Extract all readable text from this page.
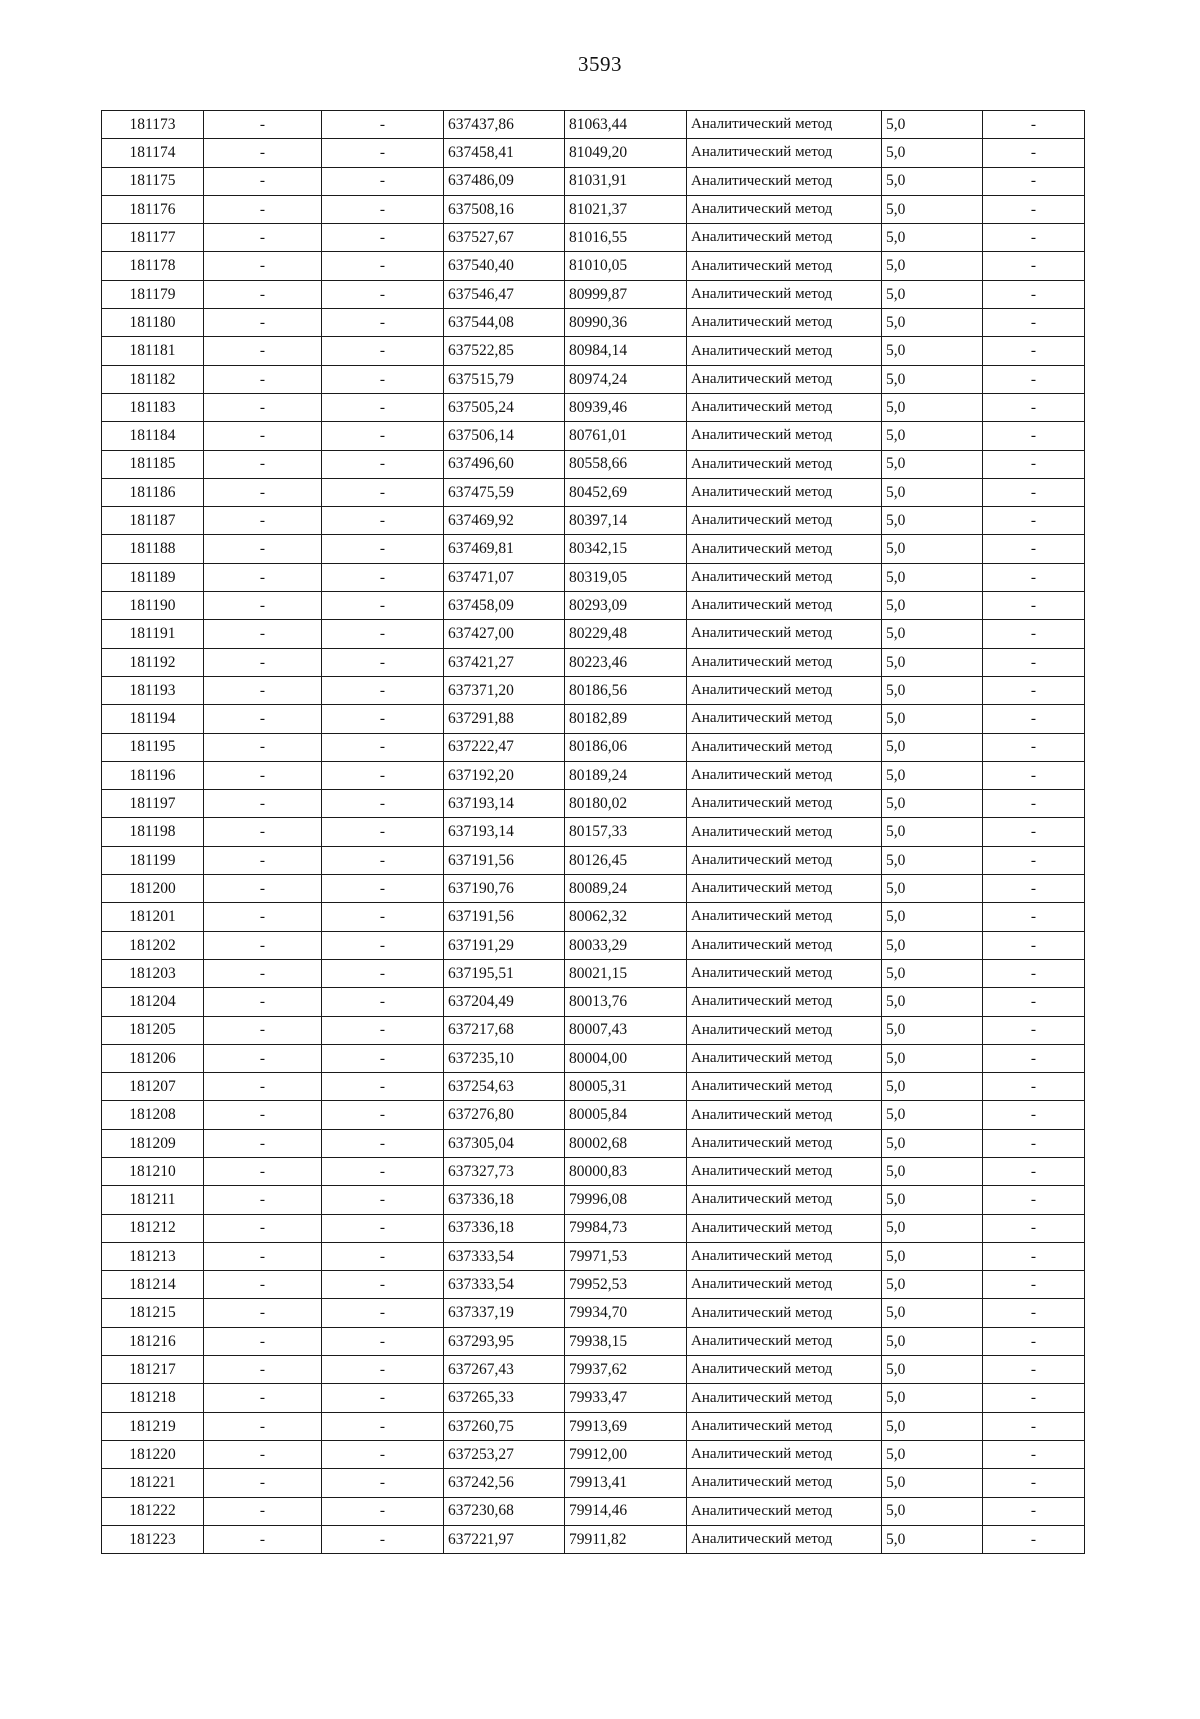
3593
181173	-	-	637437,86	81063,44	Аналитический метод	5,0	-
181174	-	-	637458,41	81049,20	Аналитический метод	5,0	-
181175	-	-	637486,09	81031,91	Аналитический метод	5,0	-
181176	-	-	637508,16	81021,37	Аналитический метод	5,0	-
181177	-	-	637527,67	81016,55	Аналитический метод	5,0	-
181178	-	-	637540,40	81010,05	Аналитический метод	5,0	-
181179	-	-	637546,47	80999,87	Аналитический метод	5,0	-
181180	-	-	637544,08	80990,36	Аналитический метод	5,0	-
181181	-	-	637522,85	80984,14	Аналитический метод	5,0	-
181182	-	-	637515,79	80974,24	Аналитический метод	5,0	-
181183	-	-	637505,24	80939,46	Аналитический метод	5,0	-
181184	-	-	637506,14	80761,01	Аналитический метод	5,0	-
181185	-	-	637496,60	80558,66	Аналитический метод	5,0	-
181186	-	-	637475,59	80452,69	Аналитический метод	5,0	-
181187	-	-	637469,92	80397,14	Аналитический метод	5,0	-
181188	-	-	637469,81	80342,15	Аналитический метод	5,0	-
181189	-	-	637471,07	80319,05	Аналитический метод	5,0	-
181190	-	-	637458,09	80293,09	Аналитический метод	5,0	-
181191	-	-	637427,00	80229,48	Аналитический метод	5,0	-
181192	-	-	637421,27	80223,46	Аналитический метод	5,0	-
181193	-	-	637371,20	80186,56	Аналитический метод	5,0	-
181194	-	-	637291,88	80182,89	Аналитический метод	5,0	-
181195	-	-	637222,47	80186,06	Аналитический метод	5,0	-
181196	-	-	637192,20	80189,24	Аналитический метод	5,0	-
181197	-	-	637193,14	80180,02	Аналитический метод	5,0	-
181198	-	-	637193,14	80157,33	Аналитический метод	5,0	-
181199	-	-	637191,56	80126,45	Аналитический метод	5,0	-
181200	-	-	637190,76	80089,24	Аналитический метод	5,0	-
181201	-	-	637191,56	80062,32	Аналитический метод	5,0	-
181202	-	-	637191,29	80033,29	Аналитический метод	5,0	-
181203	-	-	637195,51	80021,15	Аналитический метод	5,0	-
181204	-	-	637204,49	80013,76	Аналитический метод	5,0	-
181205	-	-	637217,68	80007,43	Аналитический метод	5,0	-
181206	-	-	637235,10	80004,00	Аналитический метод	5,0	-
181207	-	-	637254,63	80005,31	Аналитический метод	5,0	-
181208	-	-	637276,80	80005,84	Аналитический метод	5,0	-
181209	-	-	637305,04	80002,68	Аналитический метод	5,0	-
181210	-	-	637327,73	80000,83	Аналитический метод	5,0	-
181211	-	-	637336,18	79996,08	Аналитический метод	5,0	-
181212	-	-	637336,18	79984,73	Аналитический метод	5,0	-
181213	-	-	637333,54	79971,53	Аналитический метод	5,0	-
181214	-	-	637333,54	79952,53	Аналитический метод	5,0	-
181215	-	-	637337,19	79934,70	Аналитический метод	5,0	-
181216	-	-	637293,95	79938,15	Аналитический метод	5,0	-
181217	-	-	637267,43	79937,62	Аналитический метод	5,0	-
181218	-	-	637265,33	79933,47	Аналитический метод	5,0	-
181219	-	-	637260,75	79913,69	Аналитический метод	5,0	-
181220	-	-	637253,27	79912,00	Аналитический метод	5,0	-
181221	-	-	637242,56	79913,41	Аналитический метод	5,0	-
181222	-	-	637230,68	79914,46	Аналитический метод	5,0	-
181223	-	-	637221,97	79911,82	Аналитический метод	5,0	-
